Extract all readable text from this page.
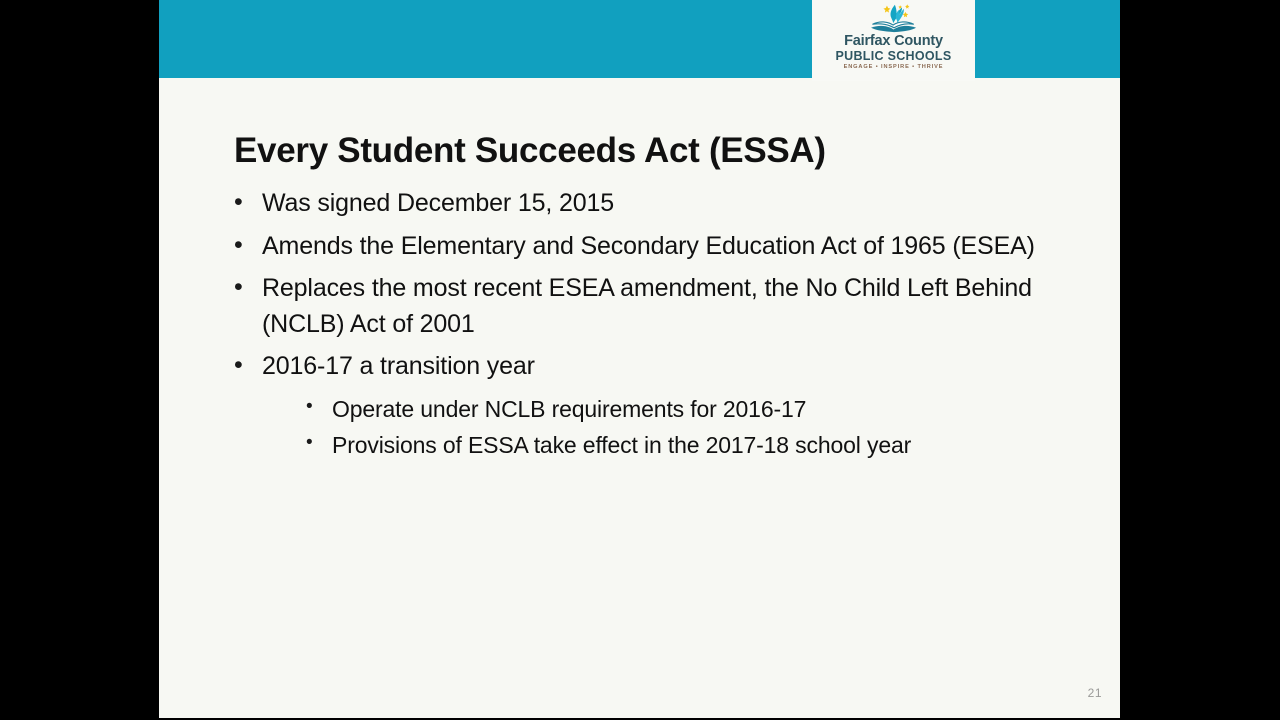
Fairfax County
PUBLIC SCHOOLS
ENGAGE • INSPIRE • THRIVE
Every Student Succeeds Act (ESSA)
• Was signed December 15, 2015
• Amends the Elementary and Secondary Education Act of 1965 (ESEA)
• Replaces the most recent ESEA amendment, the No Child Left Behind (NCLB) Act of 2001
• 2016-17 a transition year
• Operate under NCLB requirements for 2016-17
• Provisions of ESSA take effect in the 2017-18 school year
21
